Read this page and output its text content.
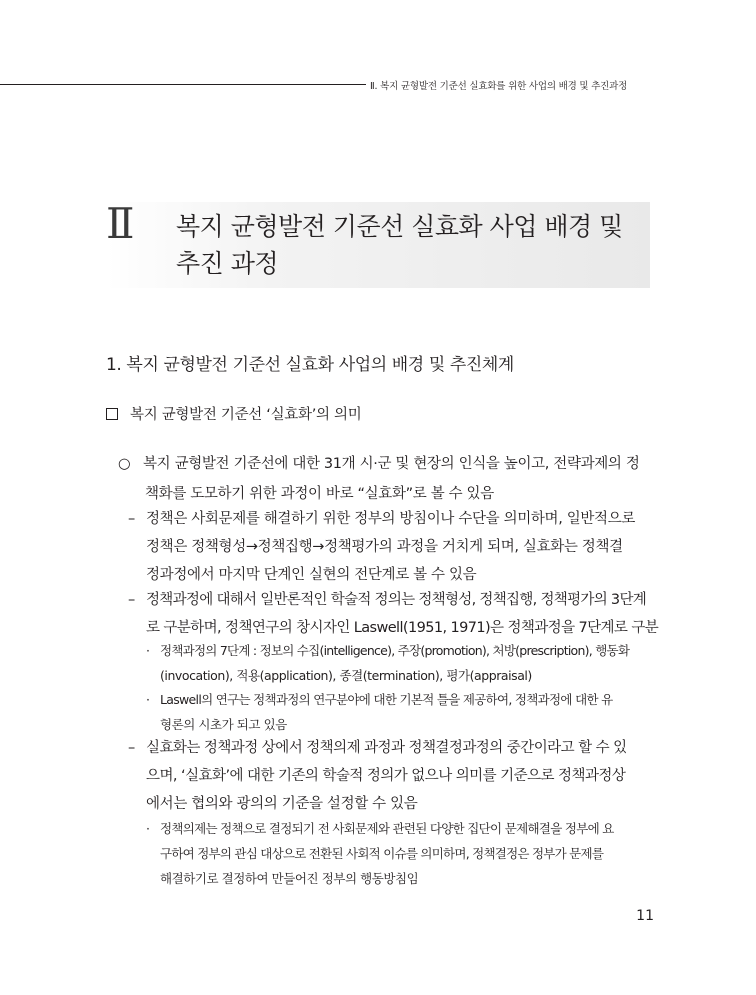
Ⅱ. 복지 균형발전 기준선 실효화를 위한 사업의 배경 및 추진과정
Ⅱ 복지 균형발전 기준선 실효화 사업 배경 및
추진 과정
1. 복지 균형발전 기준선 실효화 사업의 배경 및 추진체계
복지 균형발전 기준선 ‘실효화’의 의미
○ 복지 균형발전 기준선에 대한 31개 시·군 및 현장의 인식을 높이고, 전략과제의 정
책화를 도모하기 위한 과정이 바로 “실효화”로 볼 수 있음
– 정책은 사회문제를 해결하기 위한 정부의 방침이나 수단을 의미하며, 일반적으로
정책은 정책형성→정책집행→정책평가의 과정을 거치게 되며, 실효화는 정책결
정과정에서 마지막 단계인 실현의 전단계로 볼 수 있음
– 정책과정에 대해서 일반론적인 학술적 정의는 정책형성, 정책집행, 정책평가의 3단계
로 구분하며, 정책연구의 창시자인 Laswell(1951, 1971)은 정책과정을 7단계로 구분
· 정책과정의 7단계 : 정보의 수집(intelligence), 주장(promotion), 처방(prescription), 행동화
(invocation), 적용(application), 종결(termination), 평가(appraisal)
· Laswell의 연구는 정책과정의 연구분야에 대한 기본적 틀을 제공하여, 정책과정에 대한 유
형론의 시초가 되고 있음
– 실효화는 정책과정 상에서 정책의제 과정과 정책결정과정의 중간이라고 할 수 있
으며, ‘실효화’에 대한 기존의 학술적 정의가 없으나 의미를 기준으로 정책과정상
에서는 협의와 광의의 기준을 설정할 수 있음
· 정책의제는 정책으로 결정되기 전 사회문제와 관련된 다양한 집단이 문제해결을 정부에 요
구하여 정부의 관심 대상으로 전환된 사회적 이슈를 의미하며, 정책결정은 정부가 문제를
해결하기로 결정하여 만들어진 정부의 행동방침임
11
